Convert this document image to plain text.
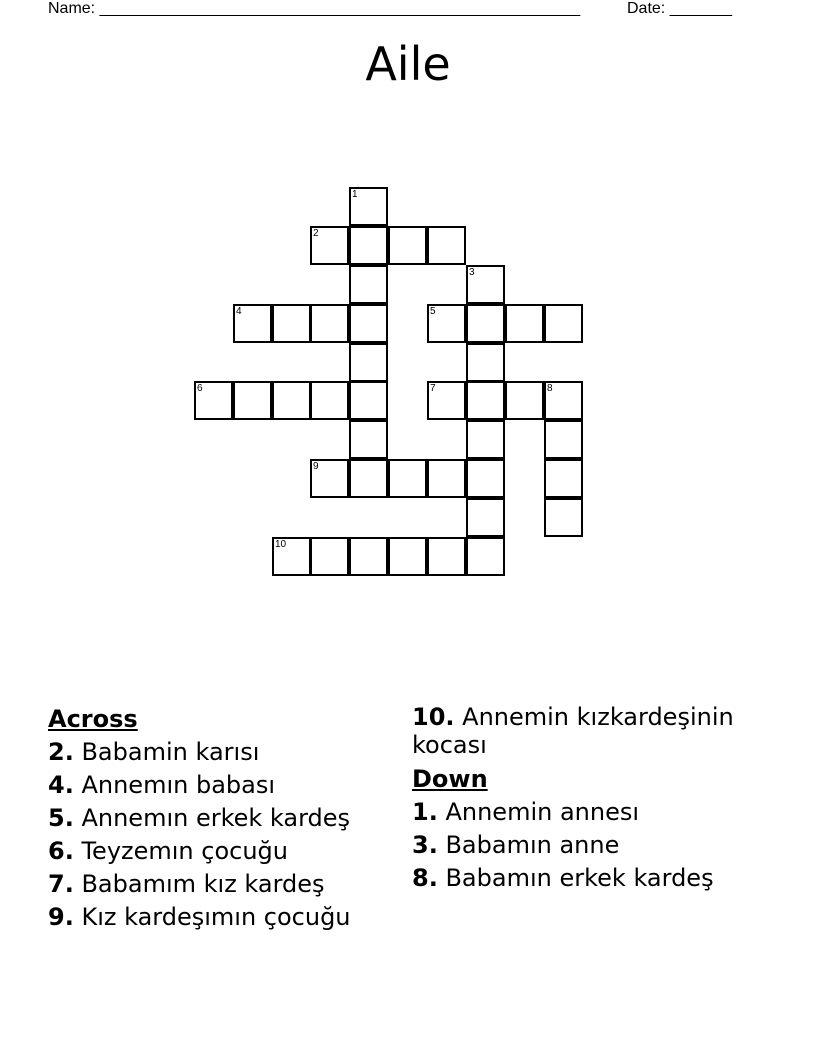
Name: ______________________________________________________	Date: _______
Aile
1
2
3
4	5
6	7	8
9
10
Across
2. Babamin karısı
4. Annemın babası
5. Annemın erkek kardeş
6. Teyzemın çocuğu
7. Babamım kız kardeş
9. Kız kardeşımın çocuğu
10. Annemin kızkardeşinin kocası
Down
1. Annemin annesı
3. Babamın anne
8. Babamın erkek kardeş
